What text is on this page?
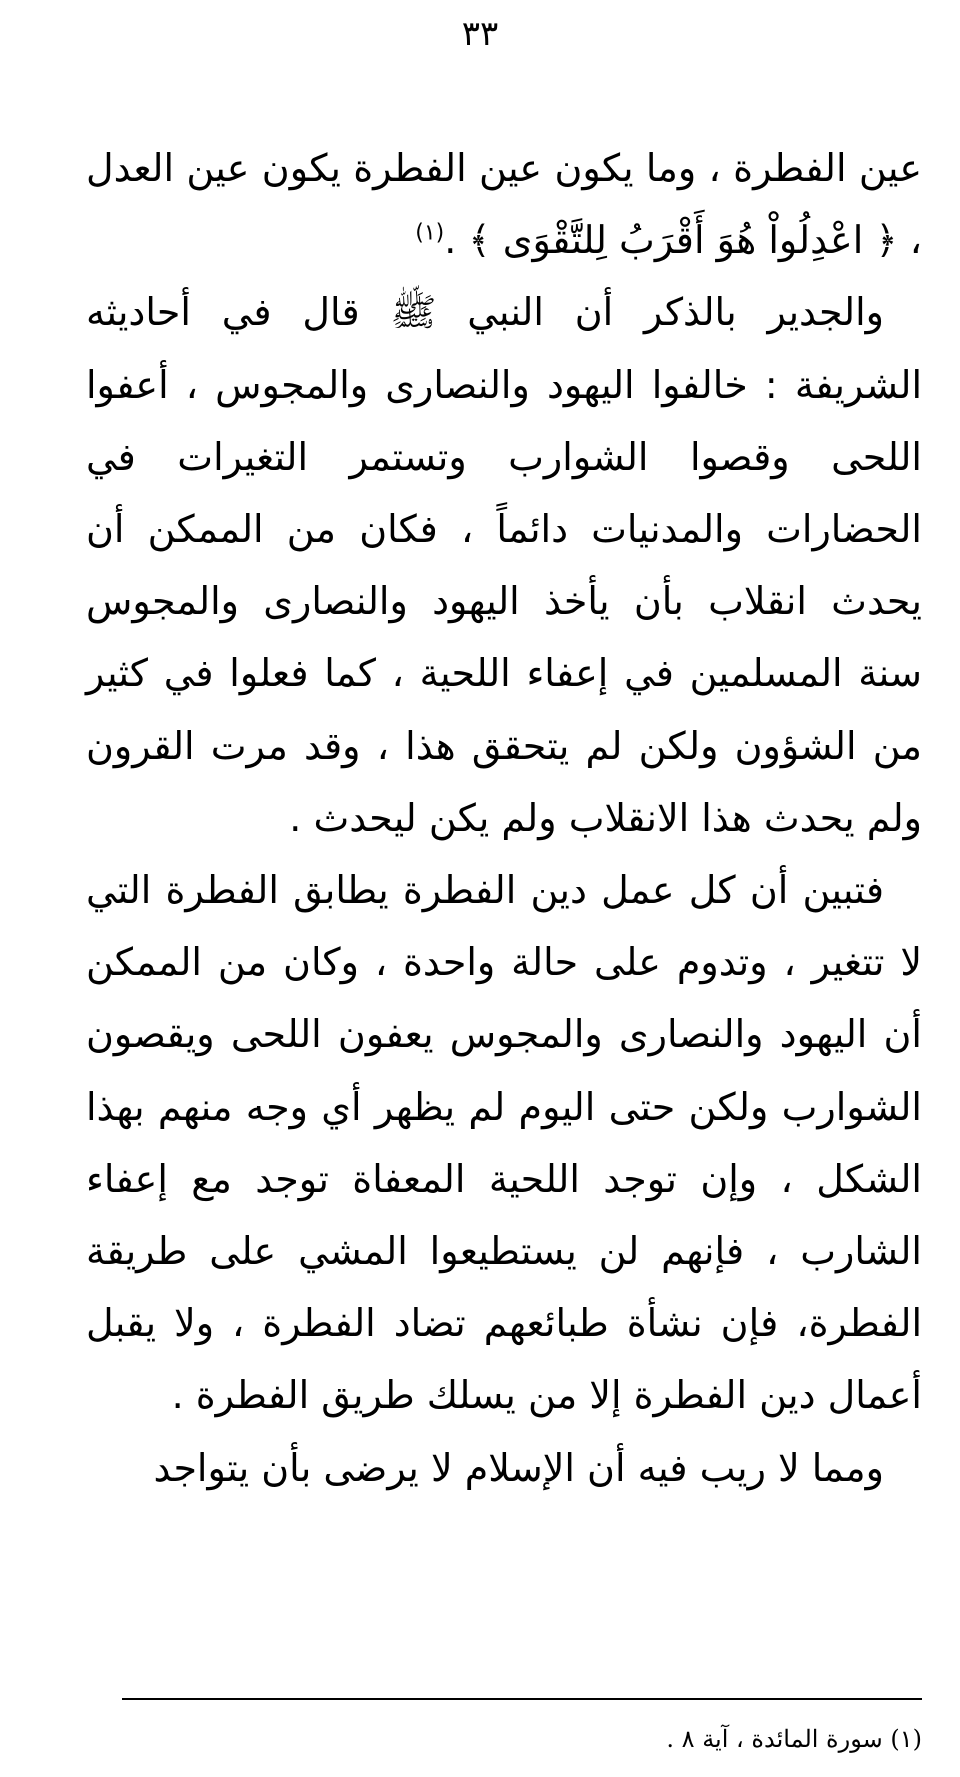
٣٣

عين الفطرة ، وما يكون عين الفطرة يكون عين العدل ، ﴿ اعْدِلُواْ هُوَ أَقْرَبُ لِلتَّقْوَى ﴾ .$^{(١)}$

والجدير بالذكر أن النبي ﷺ قال في أحاديثه الشريفة : خالفوا اليهود والنصارى والمجوس ، أعفوا اللحى وقصوا الشوارب وتستمر التغيرات في الحضارات والمدنيات دائماً ، فكان من الممكن أن يحدث انقلاب بأن يأخذ اليهود والنصارى والمجوس سنة المسلمين في إعفاء اللحية ، كما فعلوا في كثير من الشؤون ولكن لم يتحقق هذا ، وقد مرت القرون ولم يحدث هذا الانقلاب ولم يكن ليحدث .

فتبين أن كل عمل دين الفطرة يطابق الفطرة التي لا تتغير ، وتدوم على حالة واحدة ، وكان من الممكن أن اليهود والنصارى والمجوس يعفون اللحى ويقصون الشوارب ولكن حتى اليوم لم يظهر أي وجه منهم بهذا الشكل ، وإن توجد اللحية المعفاة توجد مع إعفاء الشارب ، فإنهم لن يستطيعوا المشي على طريقة الفطرة، فإن نشأة طبائعهم تضاد الفطرة ، ولا يقبل أعمال دين الفطرة إلا من يسلك طريق الفطرة .

ومما لا ريب فيه أن الإسلام لا يرضى بأن يتواجد

(١) سورة المائدة ، آية ٨ .
